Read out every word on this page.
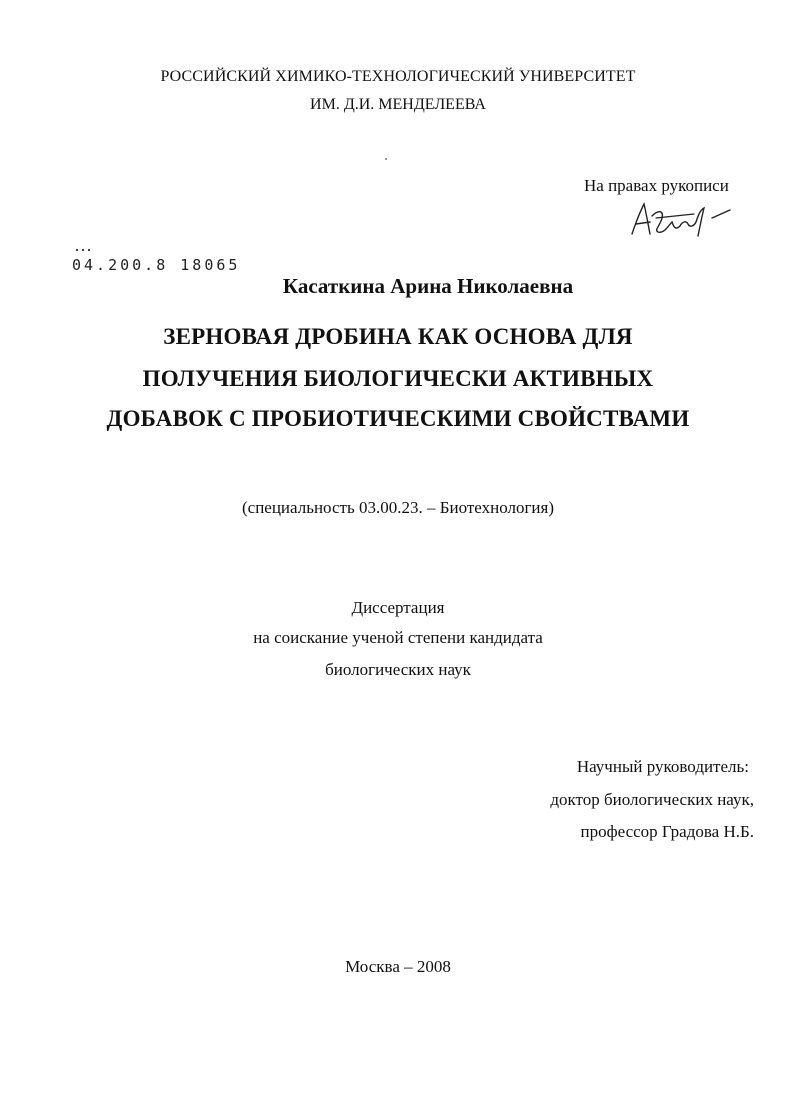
РОССИЙСКИЙ ХИМИКО-ТЕХНОЛОГИЧЕСКИЙ УНИВЕРСИТЕТ
ИМ. Д.И. МЕНДЕЛЕЕВА
На правах рукописи
04.200.8 18065
Касаткина Арина Николаевна
ЗЕРНОВАЯ ДРОБИНА КАК ОСНОВА ДЛЯ
ПОЛУЧЕНИЯ БИОЛОГИЧЕСКИ АКТИВНЫХ
ДОБАВОК С ПРОБИОТИЧЕСКИМИ СВОЙСТВАМИ
(специальность 03.00.23. – Биотехнология)
Диссертация
на соискание ученой степени кандидата
биологических наук
Научный руководитель:
доктор биологических наук,
профессор Градова Н.Б.
Москва – 2008
